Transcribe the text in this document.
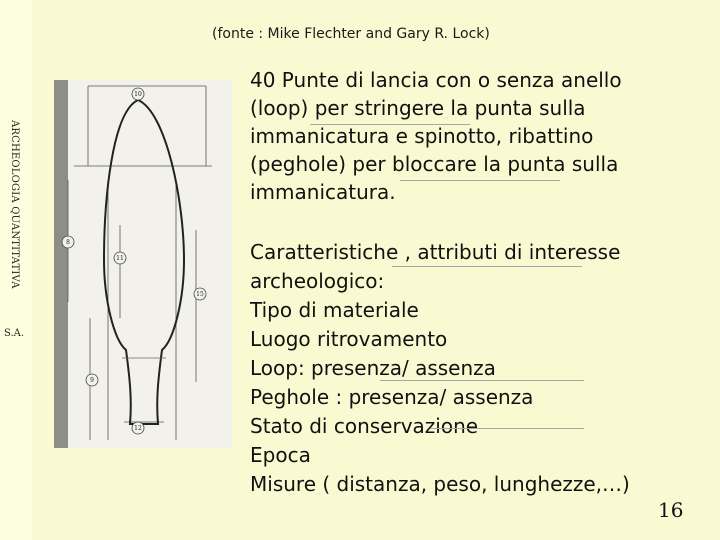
ARCHEOLOGIA QUANTITATIVA
S.A.
(fonte : Mike Flechter and Gary R. Lock)
10
8
11
15
9
12
40 Punte di lancia con o senza anello (loop) per stringere la punta sulla immanicatura e spinotto, ribattino (peghole) per bloccare la punta sulla immanicatura.
Caratteristiche , attributi di interesse
archeologico:
Tipo di materiale
Luogo ritrovamento
Loop: presenza/ assenza
Peghole : presenza/ assenza
Stato di conservazione
Epoca
Misure ( distanza, peso, lunghezze,…)
16
